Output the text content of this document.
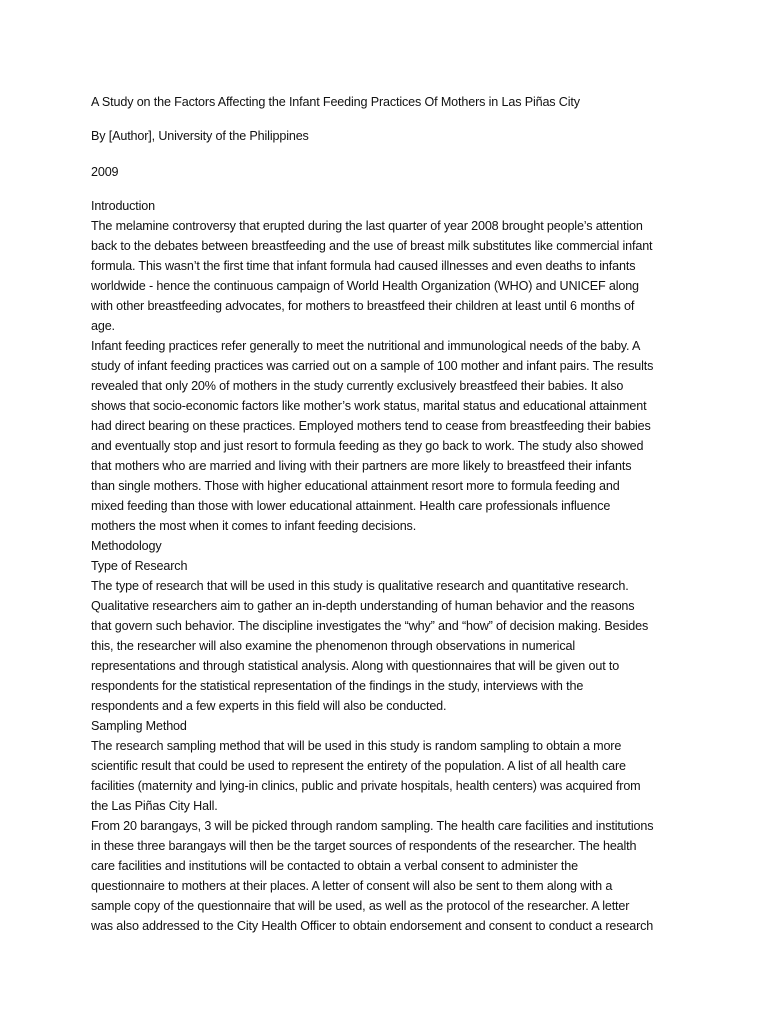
A Study on the Factors Affecting the Infant Feeding Practices Of Mothers in Las Piñas City
By [Author], University of the Philippines
2009
Introduction
The melamine controversy that erupted during the last quarter of year 2008 brought people’s attention
back to the debates between breastfeeding and the use of breast milk substitutes like commercial infant
formula. This wasn’t the first time that infant formula had caused illnesses and even deaths to infants
worldwide - hence the continuous campaign of World Health Organization (WHO) and UNICEF along
with other breastfeeding advocates, for mothers to breastfeed their children at least until 6 months of
age.
Infant feeding practices refer generally to meet the nutritional and immunological needs of the baby. A
study of infant feeding practices was carried out on a sample of 100 mother and infant pairs. The results
revealed that only 20% of mothers in the study currently exclusively breastfeed their babies. It also
shows that socio-economic factors like mother’s work status, marital status and educational attainment
had direct bearing on these practices. Employed mothers tend to cease from breastfeeding their babies
and eventually stop and just resort to formula feeding as they go back to work. The study also showed
that mothers who are married and living with their partners are more likely to breastfeed their infants
than single mothers. Those with higher educational attainment resort more to formula feeding and
mixed feeding than those with lower educational attainment. Health care professionals influence
mothers the most when it comes to infant feeding decisions.
Methodology
Type of Research
The type of research that will be used in this study is qualitative research and quantitative research.
Qualitative researchers aim to gather an in-depth understanding of human behavior and the reasons
that govern such behavior. The discipline investigates the “why” and “how” of decision making. Besides
this, the researcher will also examine the phenomenon through observations in numerical
representations and through statistical analysis. Along with questionnaires that will be given out to
respondents for the statistical representation of the findings in the study, interviews with the
respondents and a few experts in this field will also be conducted.
Sampling Method
The research sampling method that will be used in this study is random sampling to obtain a more
scientific result that could be used to represent the entirety of the population. A list of all health care
facilities (maternity and lying-in clinics, public and private hospitals, health centers) was acquired from
the Las Piñas City Hall.
From 20 barangays, 3 will be picked through random sampling. The health care facilities and institutions
in these three barangays will then be the target sources of respondents of the researcher. The health
care facilities and institutions will be contacted to obtain a verbal consent to administer the
questionnaire to mothers at their places. A letter of consent will also be sent to them along with a
sample copy of the questionnaire that will be used, as well as the protocol of the researcher. A letter
was also addressed to the City Health Officer to obtain endorsement and consent to conduct a research
